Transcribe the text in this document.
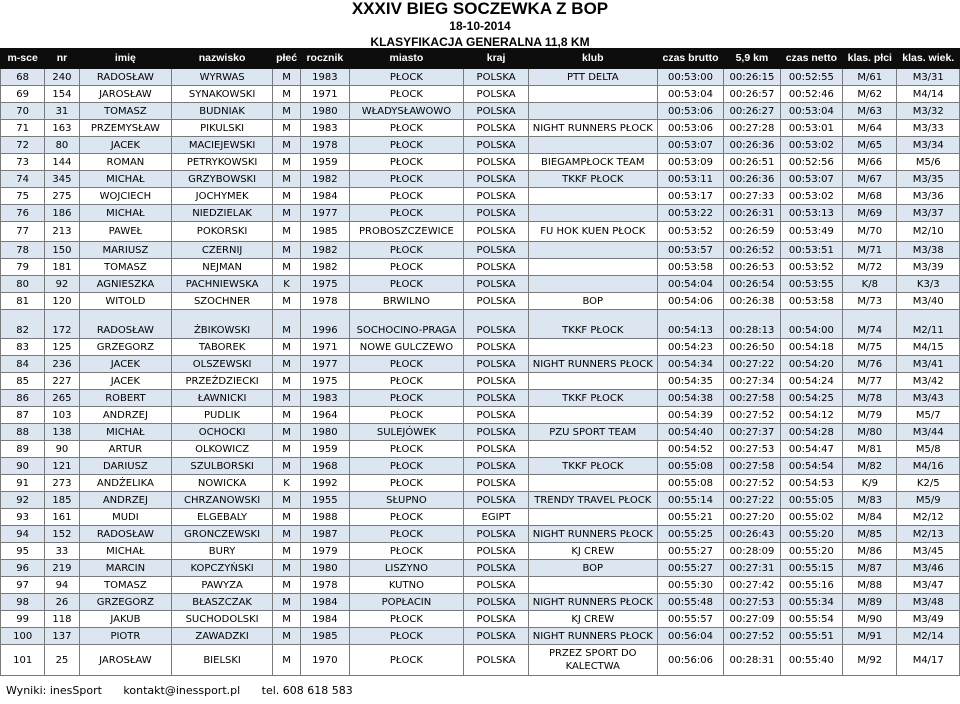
XXXIV BIEG SOCZEWKA Z BOP
18-10-2014
KLASYFIKACJA GENERALNA 11,8 KM
m-sce	nr	imię	nazwisko	płeć	rocznik	miasto	kraj	klub	czas brutto	5,9 km	czas netto	klas. płci	klas. wiek.
68	240	RADOSŁAW	WYRWAS	M	1983	PŁOCK	POLSKA	PTT DELTA	00:53:00	00:26:15	00:52:55	M/61	M3/31
69	154	JAROSŁAW	SYNAKOWSKI	M	1971	PŁOCK	POLSKA		00:53:04	00:26:57	00:52:46	M/62	M4/14
70	31	TOMASZ	BUDNIAK	M	1980	WŁADYSŁAWOWO	POLSKA		00:53:06	00:26:27	00:53:04	M/63	M3/32
71	163	PRZEMYSŁAW	PIKULSKI	M	1983	PŁOCK	POLSKA	NIGHT RUNNERS PŁOCK	00:53:06	00:27:28	00:53:01	M/64	M3/33
72	80	JACEK	MACIEJEWSKI	M	1978	PŁOCK	POLSKA		00:53:07	00:26:36	00:53:02	M/65	M3/34
73	144	ROMAN	PETRYKOWSKI	M	1959	PŁOCK	POLSKA	BIEGAMPŁOCK TEAM	00:53:09	00:26:51	00:52:56	M/66	M5/6
74	345	MICHAŁ	GRZYBOWSKI	M	1982	PŁOCK	POLSKA	TKKF PŁOCK	00:53:11	00:26:36	00:53:07	M/67	M3/35
75	275	WOJCIECH	JOCHYMEK	M	1984	PŁOCK	POLSKA		00:53:17	00:27:33	00:53:02	M/68	M3/36
76	186	MICHAŁ	NIEDZIELAK	M	1977	PŁOCK	POLSKA		00:53:22	00:26:31	00:53:13	M/69	M3/37
77	213	PAWEŁ	POKORSKI	M	1985	PROBOSZCZEWICE	POLSKA	FU HOK KUEN PŁOCK	00:53:52	00:26:59	00:53:49	M/70	M2/10
78	150	MARIUSZ	CZERNIJ	M	1982	PŁOCK	POLSKA		00:53:57	00:26:52	00:53:51	M/71	M3/38
79	181	TOMASZ	NEJMAN	M	1982	PŁOCK	POLSKA		00:53:58	00:26:53	00:53:52	M/72	M3/39
80	92	AGNIESZKA	PACHNIEWSKA	K	1975	PŁOCK	POLSKA		00:54:04	00:26:54	00:53:55	K/8	K3/3
81	120	WITOLD	SZOCHNER	M	1978	BRWILNO	POLSKA	BOP	00:54:06	00:26:38	00:53:58	M/73	M3/40
82	172	RADOSŁAW	ŻBIKOWSKI	M	1996	SOCHOCINO-PRAGA	POLSKA	TKKF PŁOCK	00:54:13	00:28:13	00:54:00	M/74	M2/11
83	125	GRZEGORZ	TABOREK	M	1971	NOWE GULCZEWO	POLSKA		00:54:23	00:26:50	00:54:18	M/75	M4/15
84	236	JACEK	OLSZEWSKI	M	1977	PŁOCK	POLSKA	NIGHT RUNNERS PŁOCK	00:54:34	00:27:22	00:54:20	M/76	M3/41
85	227	JACEK	PRZEŹDZIECKI	M	1975	PŁOCK	POLSKA		00:54:35	00:27:34	00:54:24	M/77	M3/42
86	265	ROBERT	ŁAWNICKI	M	1983	PŁOCK	POLSKA	TKKF PŁOCK	00:54:38	00:27:58	00:54:25	M/78	M3/43
87	103	ANDRZEJ	PUDLIK	M	1964	PŁOCK	POLSKA		00:54:39	00:27:52	00:54:12	M/79	M5/7
88	138	MICHAŁ	OCHOCKI	M	1980	SULEJÓWEK	POLSKA	PZU SPORT TEAM	00:54:40	00:27:37	00:54:28	M/80	M3/44
89	90	ARTUR	OLKOWICZ	M	1959	PŁOCK	POLSKA		00:54:52	00:27:53	00:54:47	M/81	M5/8
90	121	DARIUSZ	SZULBORSKI	M	1968	PŁOCK	POLSKA	TKKF PŁOCK	00:55:08	00:27:58	00:54:54	M/82	M4/16
91	273	ANDŻELIKA	NOWICKA	K	1992	PŁOCK	POLSKA		00:55:08	00:27:52	00:54:53	K/9	K2/5
92	185	ANDRZEJ	CHRZANOWSKI	M	1955	SŁUPNO	POLSKA	TRENDY TRAVEL PŁOCK	00:55:14	00:27:22	00:55:05	M/83	M5/9
93	161	MUDI	ELGEBALY	M	1988	PŁOCK	EGIPT		00:55:21	00:27:20	00:55:02	M/84	M2/12
94	152	RADOSŁAW	GRONCZEWSKI	M	1987	PŁOCK	POLSKA	NIGHT RUNNERS PŁOCK	00:55:25	00:26:43	00:55:20	M/85	M2/13
95	33	MICHAŁ	BURY	M	1979	PŁOCK	POLSKA	KJ CREW	00:55:27	00:28:09	00:55:20	M/86	M3/45
96	219	MARCIN	KOPCZYŃSKI	M	1980	LISZYNO	POLSKA	BOP	00:55:27	00:27:31	00:55:15	M/87	M3/46
97	94	TOMASZ	PAWYZA	M	1978	KUTNO	POLSKA		00:55:30	00:27:42	00:55:16	M/88	M3/47
98	26	GRZEGORZ	BŁASZCZAK	M	1984	POPŁACIN	POLSKA	NIGHT RUNNERS PŁOCK	00:55:48	00:27:53	00:55:34	M/89	M3/48
99	118	JAKUB	SUCHODOLSKI	M	1984	PŁOCK	POLSKA	KJ CREW	00:55:57	00:27:09	00:55:54	M/90	M3/49
100	137	PIOTR	ZAWADZKI	M	1985	PŁOCK	POLSKA	NIGHT RUNNERS PŁOCK	00:56:04	00:27:52	00:55:51	M/91	M2/14
101	25	JAROSŁAW	BIELSKI	M	1970	PŁOCK	POLSKA	PRZEZ SPORT DO KALECTWA	00:56:06	00:28:31	00:55:40	M/92	M4/17
Wyniki: inesSport kontakt@inessport.pl tel. 608 618 583
